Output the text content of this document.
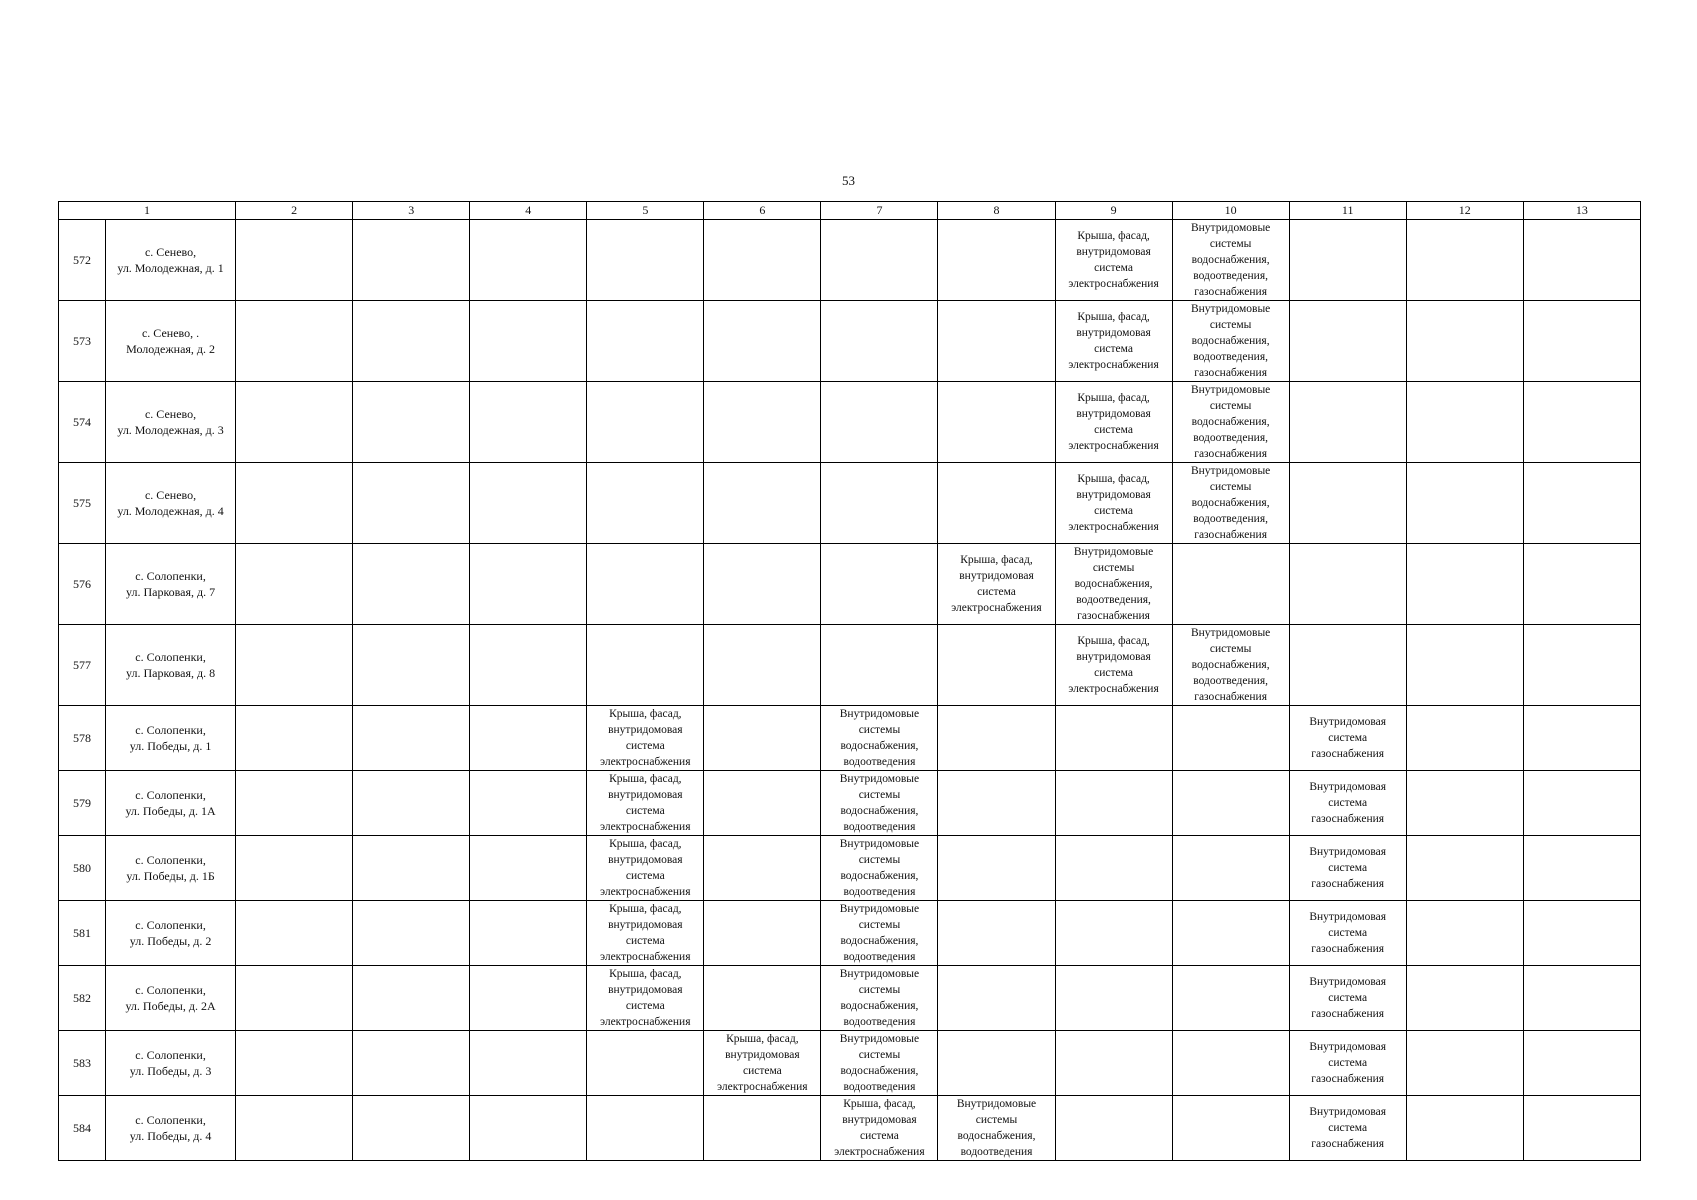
53
1		2	3	4	5	6	7	8	9	10	11	12	13
572	с. Сенево,
ул. Молодежная, д. 1								Крыша, фасад, внутридомовая система электроснабжения	Внутридомовые системы водоснабжения, водоотведения, газоснабжения			
573	с. Сенево, .
Молодежная, д. 2								Крыша, фасад, внутридомовая система электроснабжения	Внутридомовые системы водоснабжения, водоотведения, газоснабжения			
574	с. Сенево,
ул. Молодежная, д. 3								Крыша, фасад, внутридомовая система электроснабжения	Внутридомовые системы водоснабжения, водоотведения, газоснабжения			
575	с. Сенево,
ул. Молодежная, д. 4								Крыша, фасад, внутридомовая система электроснабжения	Внутридомовые системы водоснабжения, водоотведения, газоснабжения			
576	с. Солопенки,
ул. Парковая, д. 7							Крыша, фасад, внутридомовая система электроснабжения	Внутридомовые системы водоснабжения, водоотведения, газоснабжения				
577	с. Солопенки,
ул. Парковая, д. 8								Крыша, фасад, внутридомовая система электроснабжения	Внутридомовые системы водоснабжения, водоотведения, газоснабжения			
578	с. Солопенки,
ул. Победы, д. 1				Крыша, фасад, внутридомовая система электроснабжения		Внутридомовые системы водоснабжения, водоотведения				Внутридомовая система газоснабжения		
579	с. Солопенки,
ул. Победы, д. 1А				Крыша, фасад, внутридомовая система электроснабжения		Внутридомовые системы водоснабжения, водоотведения				Внутридомовая система газоснабжения		
580	с. Солопенки,
ул. Победы, д. 1Б				Крыша, фасад, внутридомовая система электроснабжения		Внутридомовые системы водоснабжения, водоотведения				Внутридомовая система газоснабжения		
581	с. Солопенки,
ул. Победы, д. 2				Крыша, фасад, внутридомовая система электроснабжения		Внутридомовые системы водоснабжения, водоотведения				Внутридомовая система газоснабжения		
582	с. Солопенки,
ул. Победы, д. 2А				Крыша, фасад, внутридомовая система электроснабжения		Внутридомовые системы водоснабжения, водоотведения				Внутридомовая система газоснабжения		
583	с. Солопенки,
ул. Победы, д. 3					Крыша, фасад, внутридомовая система электроснабжения	Внутридомовые системы водоснабжения, водоотведения				Внутридомовая система газоснабжения		
584	с. Солопенки,
ул. Победы, д. 4						Крыша, фасад, внутридомовая система электроснабжения	Внутридомовые системы водоснабжения, водоотведения			Внутридомовая система газоснабжения		
